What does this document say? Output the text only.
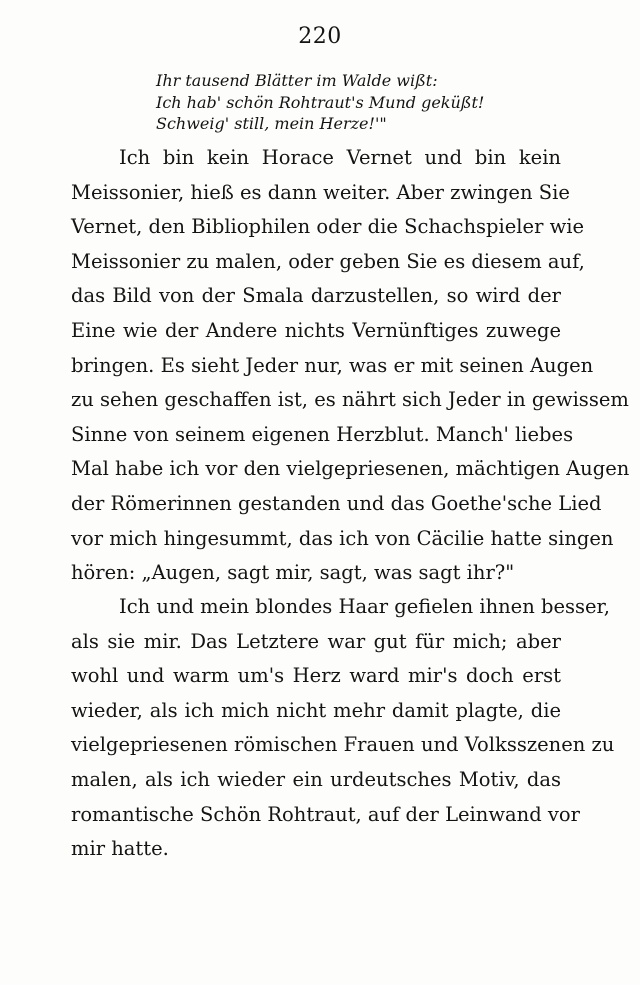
220
Ihr tausend Blätter im Walde wißt:
Ich hab' schön Rohtraut's Mund geküßt!
Schweig' still, mein Herze!'"
Ich bin kein Horace Vernet und bin kein
Meissonier, hieß es dann weiter. Aber zwingen Sie
Vernet, den Bibliophilen oder die Schachspieler wie
Meissonier zu malen, oder geben Sie es diesem auf,
das Bild von der Smala darzustellen, so wird der
Eine wie der Andere nichts Vernünftiges zuwege
bringen. Es sieht Jeder nur, was er mit seinen Augen
zu sehen geschaffen ist, es nährt sich Jeder in gewissem
Sinne von seinem eigenen Herzblut. Manch' liebes
Mal habe ich vor den vielgepriesenen, mächtigen Augen
der Römerinnen gestanden und das Goethe'sche Lied
vor mich hingesummt, das ich von Cäcilie hatte singen
hören: „Augen, sagt mir, sagt, was sagt ihr?"
Ich und mein blondes Haar gefielen ihnen besser,
als sie mir. Das Letztere war gut für mich; aber
wohl und warm um's Herz ward mir's doch erst
wieder, als ich mich nicht mehr damit plagte, die
vielgepriesenen römischen Frauen und Volksszenen zu
malen, als ich wieder ein urdeutsches Motiv, das
romantische Schön Rohtraut, auf der Leinwand vor
mir hatte.
